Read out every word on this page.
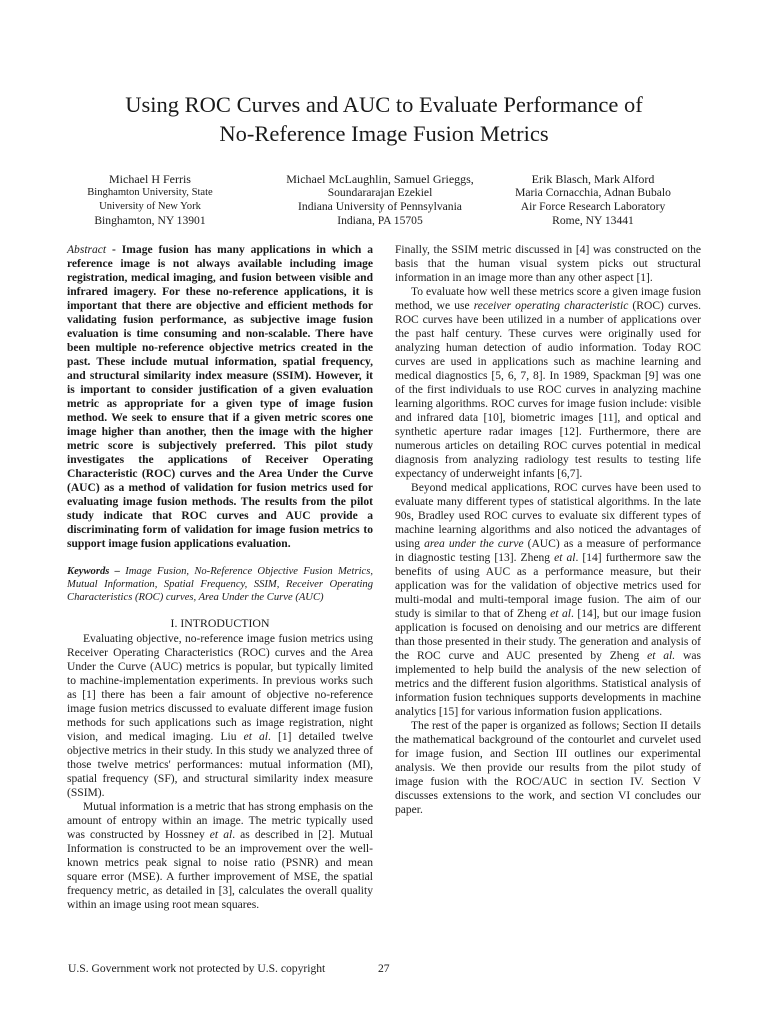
Using ROC Curves and AUC to Evaluate Performance of
No-Reference Image Fusion Metrics
Michael H Ferris
Binghamton University, State
University of New York
Binghamton, NY 13901
Michael McLaughlin, Samuel Grieggs,
Soundararajan Ezekiel
Indiana University of Pennsylvania
Indiana, PA 15705
Erik Blasch, Mark Alford
Maria Cornacchia, Adnan Bubalo
Air Force Research Laboratory
Rome, NY 13441

Abstract - Image fusion has many applications in which a reference image is not always available including image registration, medical imaging, and fusion between visible and infrared imagery. For these no-reference applications, it is important that there are objective and efficient methods for validating fusion performance, as subjective image fusion evaluation is time consuming and non-scalable. There have been multiple no-reference objective metrics created in the past. These include mutual information, spatial frequency, and structural similarity index measure (SSIM). However, it is important to consider justification of a given evaluation metric as appropriate for a given type of image fusion method. We seek to ensure that if a given metric scores one image higher than another, then the image with the higher metric score is subjectively preferred. This pilot study investigates the applications of Receiver Operating Characteristic (ROC) curves and the Area Under the Curve (AUC) as a method of validation for fusion metrics used for evaluating image fusion methods. The results from the pilot study indicate that ROC curves and AUC provide a discriminating form of validation for image fusion metrics to support image fusion applications evaluation.

Keywords – Image Fusion, No-Reference Objective Fusion Metrics, Mutual Information, Spatial Frequency, SSIM, Receiver Operating Characteristics (ROC) curves, Area Under the Curve (AUC)

I. INTRODUCTION

Evaluating objective, no-reference image fusion metrics using Receiver Operating Characteristics (ROC) curves and the Area Under the Curve (AUC) metrics is popular, but typically limited to machine-implementation experiments. In previous works such as [1] there has been a fair amount of objective no-reference image fusion metrics discussed to evaluate different image fusion methods for such applications such as image registration, night vision, and medical imaging. Liu et al. [1] detailed twelve objective metrics in their study. In this study we analyzed three of those twelve metrics' performances: mutual information (MI), spatial frequency (SF), and structural similarity index measure (SSIM).

Mutual information is a metric that has strong emphasis on the amount of entropy within an image. The metric typically used was constructed by Hossney et al. as described in [2]. Mutual Information is constructed to be an improvement over the well-known metrics peak signal to noise ratio (PSNR) and mean square error (MSE). A further improvement of MSE, the spatial frequency metric, as detailed in [3], calculates the overall quality within an image using root mean squares.

Finally, the SSIM metric discussed in [4] was constructed on the basis that the human visual system picks out structural information in an image more than any other aspect [1].

To evaluate how well these metrics score a given image fusion method, we use receiver operating characteristic (ROC) curves. ROC curves have been utilized in a number of applications over the past half century. These curves were originally used for analyzing human detection of audio information. Today ROC curves are used in applications such as machine learning and medical diagnostics [5, 6, 7, 8]. In 1989, Spackman [9] was one of the first individuals to use ROC curves in analyzing machine learning algorithms. ROC curves for image fusion include: visible and infrared data [10], biometric images [11], and optical and synthetic aperture radar images [12]. Furthermore, there are numerous articles on detailing ROC curves potential in medical diagnosis from analyzing radiology test results to testing life expectancy of underweight infants [6,7].

Beyond medical applications, ROC curves have been used to evaluate many different types of statistical algorithms. In the late 90s, Bradley used ROC curves to evaluate six different types of machine learning algorithms and also noticed the advantages of using area under the curve (AUC) as a measure of performance in diagnostic testing [13]. Zheng et al. [14] furthermore saw the benefits of using AUC as a performance measure, but their application was for the validation of objective metrics used for multi-modal and multi-temporal image fusion. The aim of our study is similar to that of Zheng et al. [14], but our image fusion application is focused on denoising and our metrics are different than those presented in their study. The generation and analysis of the ROC curve and AUC presented by Zheng et al. was implemented to help build the analysis of the new selection of metrics and the different fusion algorithms. Statistical analysis of information fusion techniques supports developments in machine analytics [15] for various information fusion applications.

The rest of the paper is organized as follows; Section II details the mathematical background of the contourlet and curvelet used for image fusion, and Section III outlines our experimental analysis. We then provide our results from the pilot study of image fusion with the ROC/AUC in section IV. Section V discusses extensions to the work, and section VI concludes our paper.

U.S. Government work not protected by U.S. copyright	27
